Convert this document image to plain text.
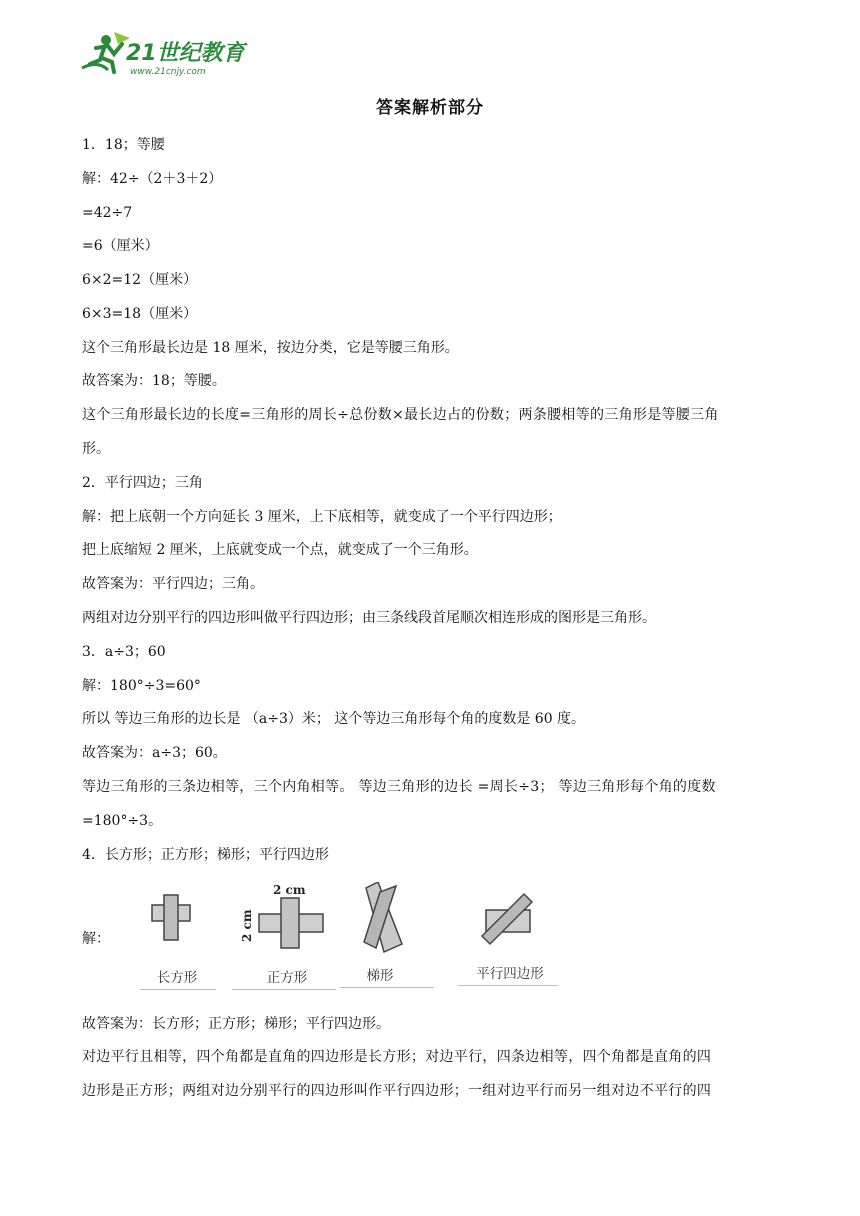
21世纪教育
www.21cnjy.com
答案解析部分
1．18；等腰
解：42÷（2＋3＋2）
=42÷7
=6（厘米）
6×2=12（厘米）
6×3=18（厘米）
这个三角形最长边是 18 厘米，按边分类，它是等腰三角形。
故答案为：18；等腰。
这个三角形最长边的长度=三角形的周长÷总份数×最长边占的份数；两条腰相等的三角形是等腰三角
形。
2．平行四边；三角
解：把上底朝一个方向延长 3 厘米，上下底相等，就变成了一个平行四边形；
把上底缩短 2 厘米，上底就变成一个点，就变成了一个三角形。
故答案为：平行四边；三角。
两组对边分别平行的四边形叫做平行四边形；由三条线段首尾顺次相连形成的图形是三角形。
3．a÷3；60
解：180°÷3=60°
所以 等边三角形的边长是 （a÷3）米； 这个等边三角形每个角的度数是 60 度。
故答案为：a÷3；60。
等边三角形的三条边相等，三个内角相等。 等边三角形的边长 =周长÷3； 等边三角形每个角的度数
=180°÷3。
4．长方形；正方形；梯形；平行四边形
解：
长方形
2 cm
2 cm
正方形	梯形	平行四边形
故答案为：长方形；正方形；梯形；平行四边形。
对边平行且相等，四个角都是直角的四边形是长方形；对边平行，四条边相等，四个角都是直角的四
边形是正方形；两组对边分别平行的四边形叫作平行四边形；一组对边平行而另一组对边不平行的四
